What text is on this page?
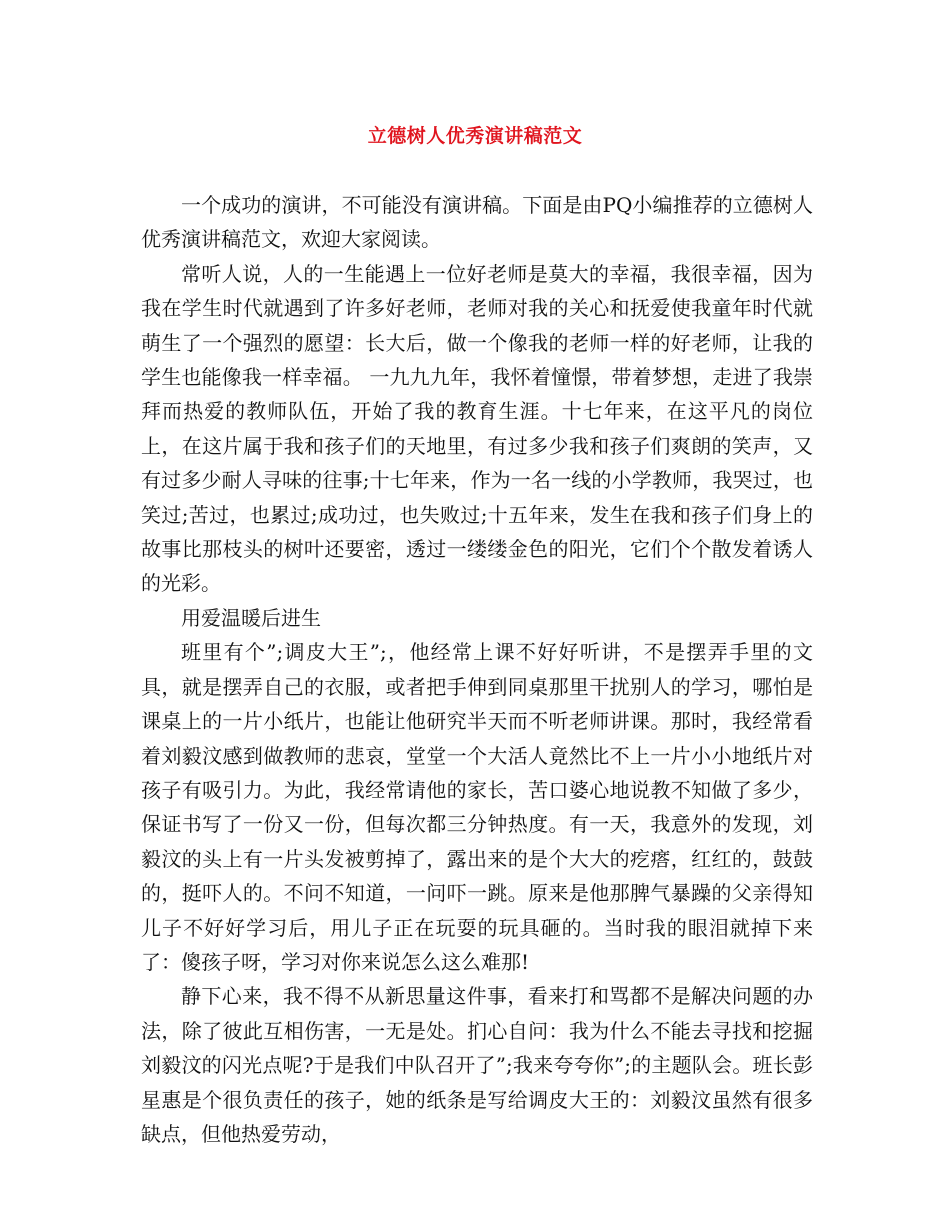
立德树人优秀演讲稿范文

一个成功的演讲，不可能没有演讲稿。下面是由PQ小编推荐的立德树人优秀演讲稿范文，欢迎大家阅读。

常听人说，人的一生能遇上一位好老师是莫大的幸福，我很幸福，因为我在学生时代就遇到了许多好老师，老师对我的关心和抚爱使我童年时代就萌生了一个强烈的愿望：长大后，做一个像我的老师一样的好老师，让我的学生也能像我一样幸福。 一九九九年，我怀着憧憬，带着梦想，走进了我崇拜而热爱的教师队伍，开始了我的教育生涯。十七年来，在这平凡的岗位上，在这片属于我和孩子们的天地里，有过多少我和孩子们爽朗的笑声，又有过多少耐人寻味的往事;十七年来，作为一名一线的小学教师，我哭过，也笑过;苦过，也累过;成功过，也失败过;十五年来，发生在我和孩子们身上的故事比那枝头的树叶还要密，透过一缕缕金色的阳光，它们个个散发着诱人的光彩。

用爱温暖后进生

班里有个”;调皮大王”;，他经常上课不好好听讲，不是摆弄手里的文具，就是摆弄自己的衣服，或者把手伸到同桌那里干扰别人的学习，哪怕是课桌上的一片小纸片，也能让他研究半天而不听老师讲课。那时，我经常看着刘毅汶感到做教师的悲哀，堂堂一个大活人竟然比不上一片小小地纸片对孩子有吸引力。为此，我经常请他的家长，苦口婆心地说教不知做了多少，保证书写了一份又一份，但每次都三分钟热度。有一天，我意外的发现，刘毅汶的头上有一片头发被剪掉了，露出来的是个大大的疙瘩，红红的，鼓鼓的，挺吓人的。不问不知道，一问吓一跳。原来是他那脾气暴躁的父亲得知儿子不好好学习后，用儿子正在玩耍的玩具砸的。当时我的眼泪就掉下来了：傻孩子呀，学习对你来说怎么这么难那!

静下心来，我不得不从新思量这件事，看来打和骂都不是解决问题的办法，除了彼此互相伤害，一无是处。扪心自问：我为什么不能去寻找和挖掘刘毅汶的闪光点呢?于是我们中队召开了”;我来夸夸你”;的主题队会。班长彭星惠是个很负责任的孩子，她的纸条是写给调皮大王的：刘毅汶虽然有很多缺点，但他热爱劳动，
